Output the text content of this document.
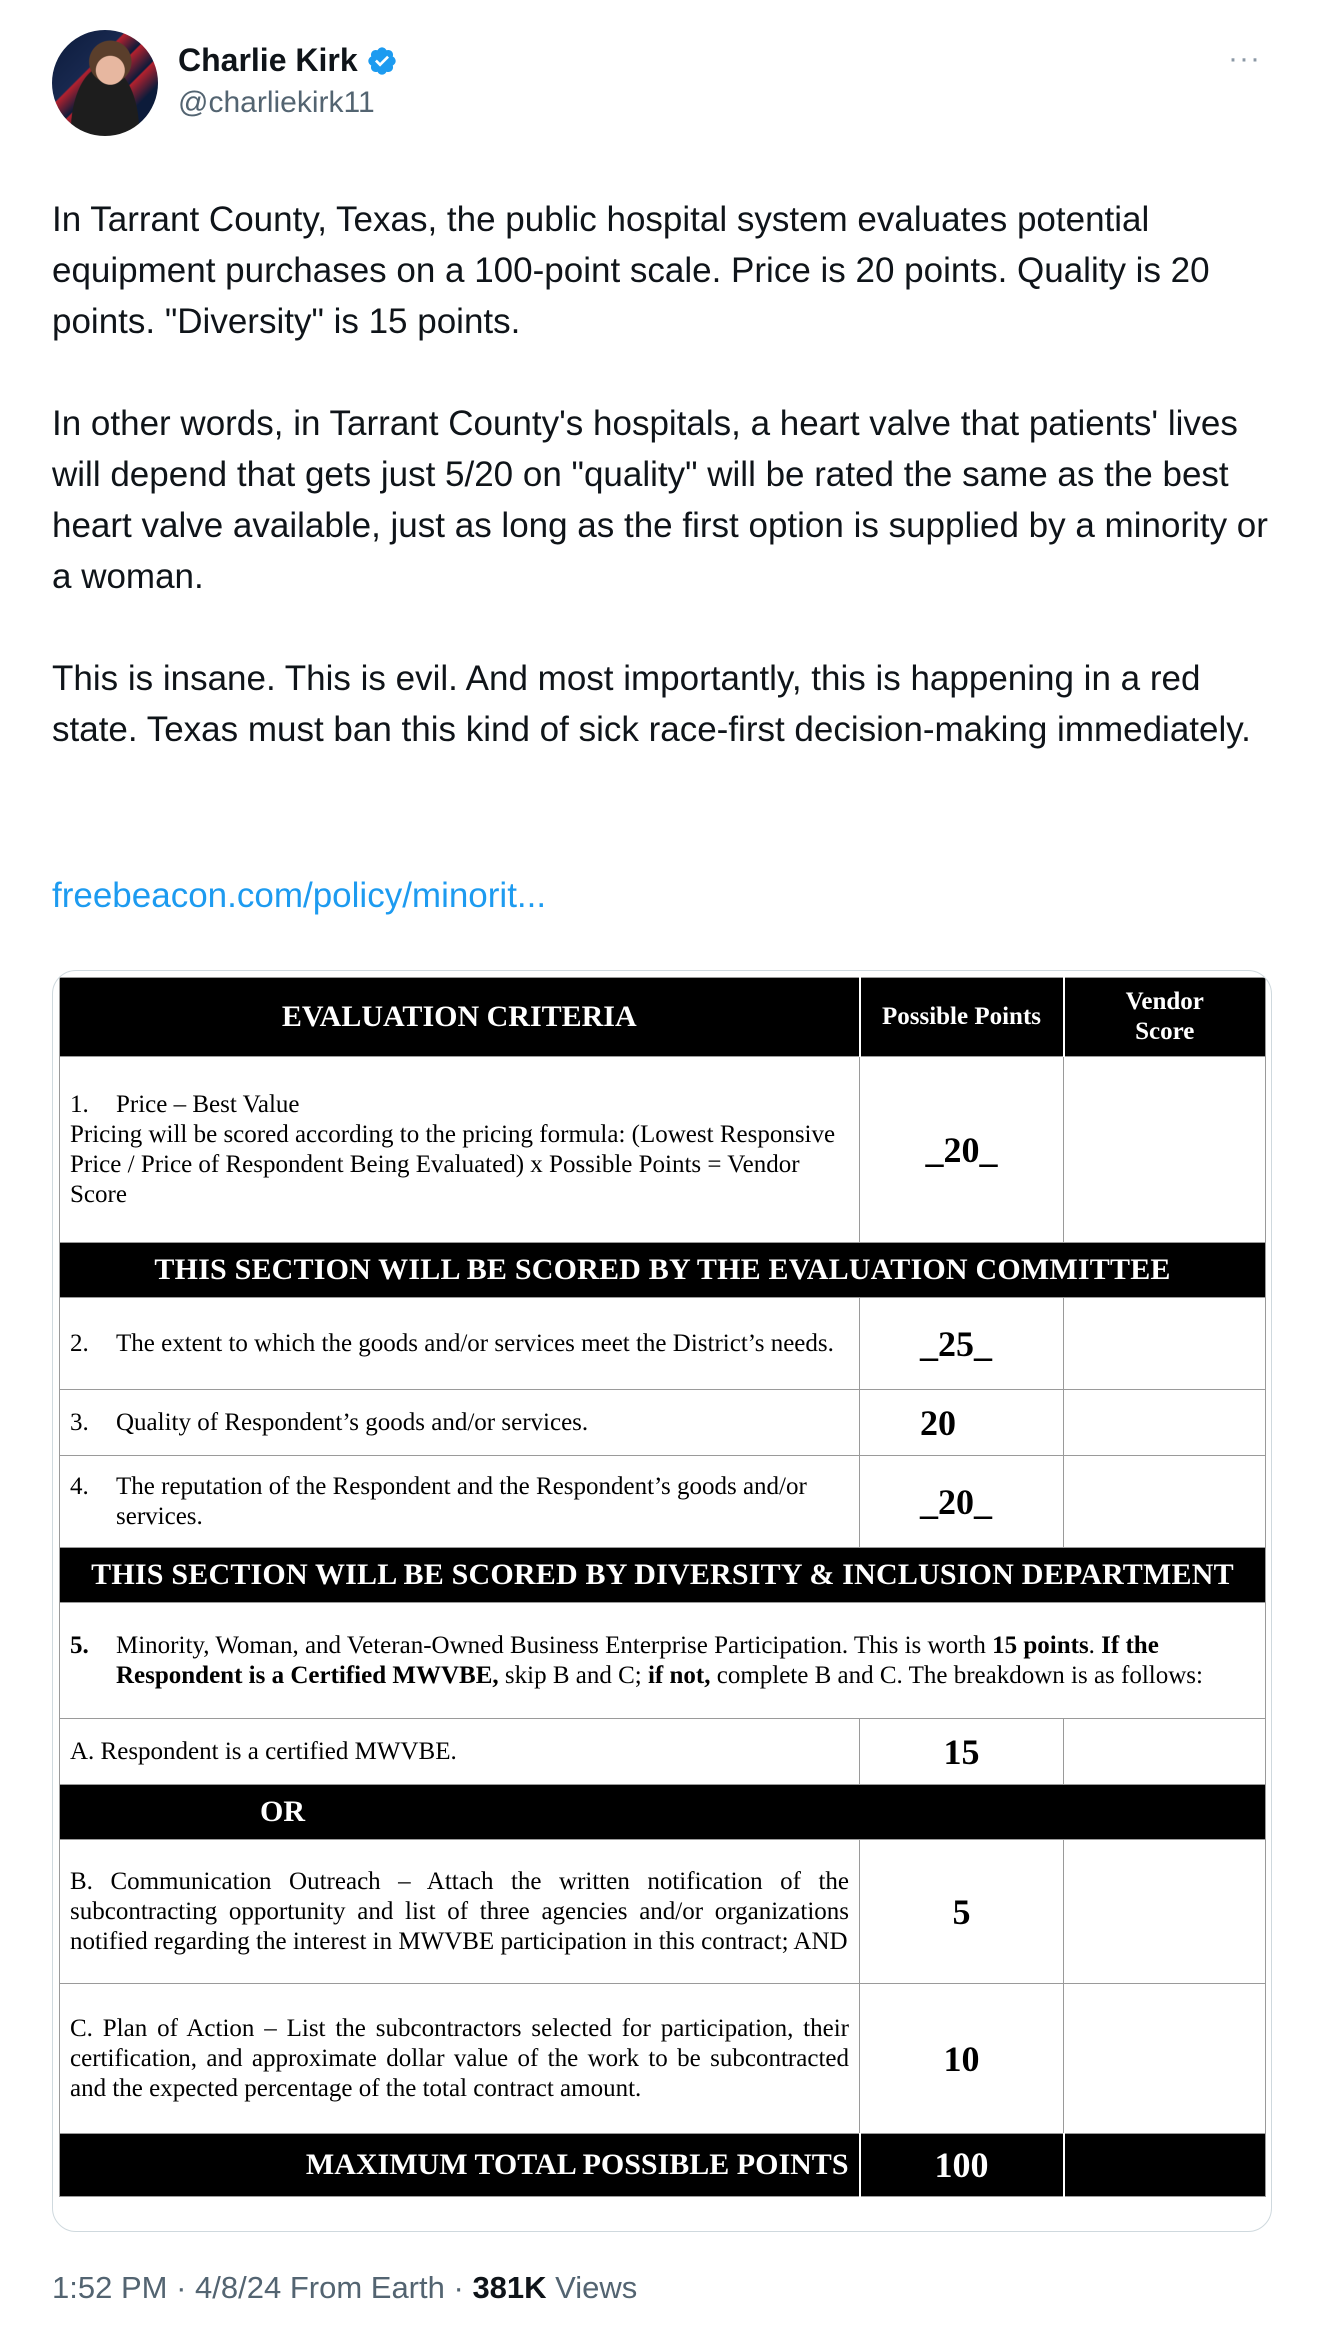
Charlie Kirk
@charliekirk11
···

In Tarrant County, Texas, the public hospital system evaluates potential equipment purchases on a 100-point scale. Price is 20 points. Quality is 20 points. "Diversity" is 15 points.

In other words, in Tarrant County's hospitals, a heart valve that patients' lives will depend that gets just 5/20 on "quality" will be rated the same as the best heart valve available, just as long as the first option is supplied by a minority or a woman.

This is insane. This is evil. And most importantly, this is happening in a red state. Texas must ban this kind of sick race-first decision-making immediately.

freebeacon.com/policy/minorit...
EVALUATION CRITERIA	Possible Points	Vendor
Score

1. Price – Best Value
Pricing will be scored according to the pricing formula: (Lowest Responsive Price / Price of Respondent Being Evaluated) x Possible Points = Vendor Score	_20_	
THIS SECTION WILL BE SCORED BY THE EVALUATION COMMITTEE		

2. The extent to which the goods and/or services meet the District’s needs.	_25_	

3. Quality of Respondent’s goods and/or services.	20	

4. The reputation of the Respondent and the Respondent’s goods and/or services.	_20_	
THIS SECTION WILL BE SCORED BY DIVERSITY & INCLUSION DEPARTMENT		

5. Minority, Woman, and Veteran-Owned Business Enterprise Participation. This is worth 15 points. If the Respondent is a Certified MWVBE, skip B and C; if not, complete B and C. The breakdown is as follows:		

A. Respondent is a certified MWVBE.	15	
OR		
B. Communication Outreach – Attach the written notification of the subcontracting opportunity and list of three agencies and/or organizations notified regarding the interest in MWVBE participation in this contract; AND	5	
C. Plan of Action – List the subcontractors selected for participation, their certification, and approximate dollar value of the work to be subcontracted and the expected percentage of the total contract amount.	10	
MAXIMUM TOTAL POSSIBLE POINTS	100	
1:52 PM · 4/8/24 From Earth · 381K Views
